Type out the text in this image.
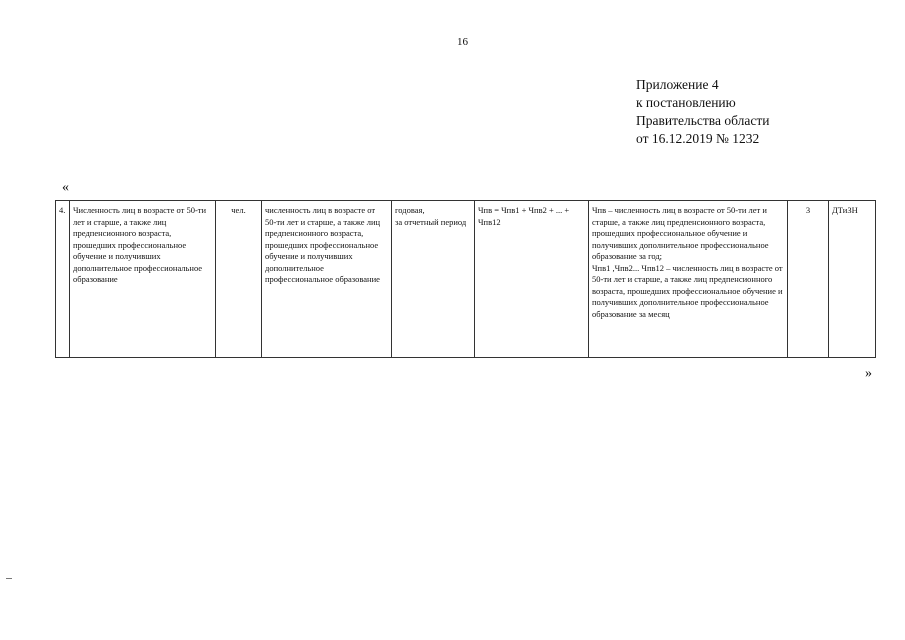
16
Приложение 4
к постановлению
Правительства области
от 16.12.2019 № 1232
«
4.	Численность лиц в возрасте от 50-ти лет и старше, а также лиц предпенсионного возраста, прошедших профессиональное обучение и получивших дополнительное профессиональное образование	чел.	численность лиц в возрасте от 50-ти лет и старше, а также лиц предпенсионного возраста, прошедших профессиональное обучение и получивших дополнительное профессиональное образование	годовая,
за отчетный период	Чпв = Чпв1 + Чпв2 + ... + Чпв12	Чпв – численность лиц в возрасте от 50-ти лет и старше, а также лиц предпенсионного возраста, прошедших профессиональное обучение и получивших дополнительное профессиональное образование за год;
Чпв1 ,Чпв2... Чпв12 – численность лиц в возрасте от 50-ти лет и старше, а также лиц предпенсионного возраста, прошедших профессиональное обучение и получивших дополнительное профессиональное образование за месяц	3	ДТиЗН
»
